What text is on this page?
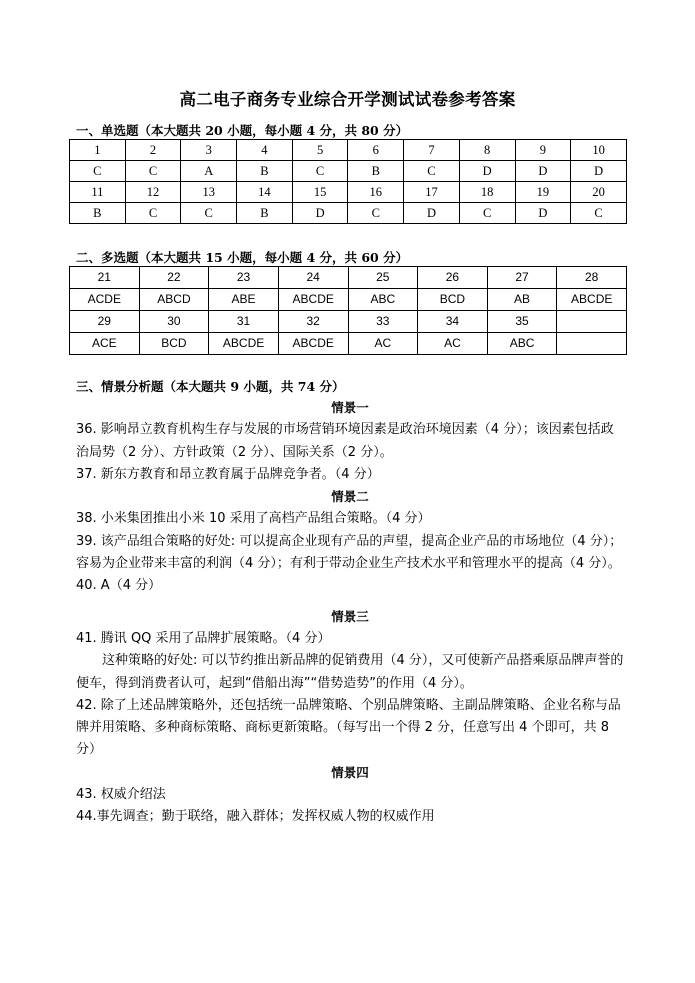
高二电子商务专业综合开学测试试卷参考答案
一、单选题（本大题共 20 小题，每小题 4 分，共 80 分）
1	2	3	4	5	6	7	8	9	10
C	C	A	B	C	B	C	D	D	D
11	12	13	14	15	16	17	18	19	20
B	C	C	B	D	C	D	C	D	C
二、多选题（本大题共 15 小题，每小题 4 分，共 60 分）
21	22	23	24	25	26	27	28
ACDE	ABCD	ABE	ABCDE	ABC	BCD	AB	ABCDE
29	30	31	32	33	34	35	
ACE	BCD	ABCDE	ABCDE	AC	AC	ABC	
三、情景分析题（本大题共 9 小题，共 74 分）

情景一

36. 影响昂立教育机构生存与发展的市场营销环境因素是政治环境因素（4 分）；该因素包括政治局势（2 分）、方针政策（2 分）、国际关系（2 分）。

37. 新东方教育和昂立教育属于品牌竞争者。（4 分）

情景二

38. 小米集团推出小米 10 采用了高档产品组合策略。（4 分）

39. 该产品组合策略的好处: 可以提高企业现有产品的声望，提高企业产品的市场地位（4 分）；容易为企业带来丰富的利润（4 分）；有利于带动企业生产技术水平和管理水平的提高（4 分）。

40. A（4 分）

情景三

41. 腾讯 QQ 采用了品牌扩展策略。（4 分）

这种策略的好处: 可以节约推出新品牌的促销费用（4 分），又可使新产品搭乘原品牌声誉的便车，得到消费者认可，起到“借船出海”“借势造势”的作用（4 分）。

42. 除了上述品牌策略外，还包括统一品牌策略、个别品牌策略、主副品牌策略、企业名称与品牌并用策略、多种商标策略、商标更新策略。（每写出一个得 2 分，任意写出 4 个即可，共 8 分）

情景四

43. 权威介绍法

44.事先调查；勤于联络，融入群体；发挥权威人物的权威作用
